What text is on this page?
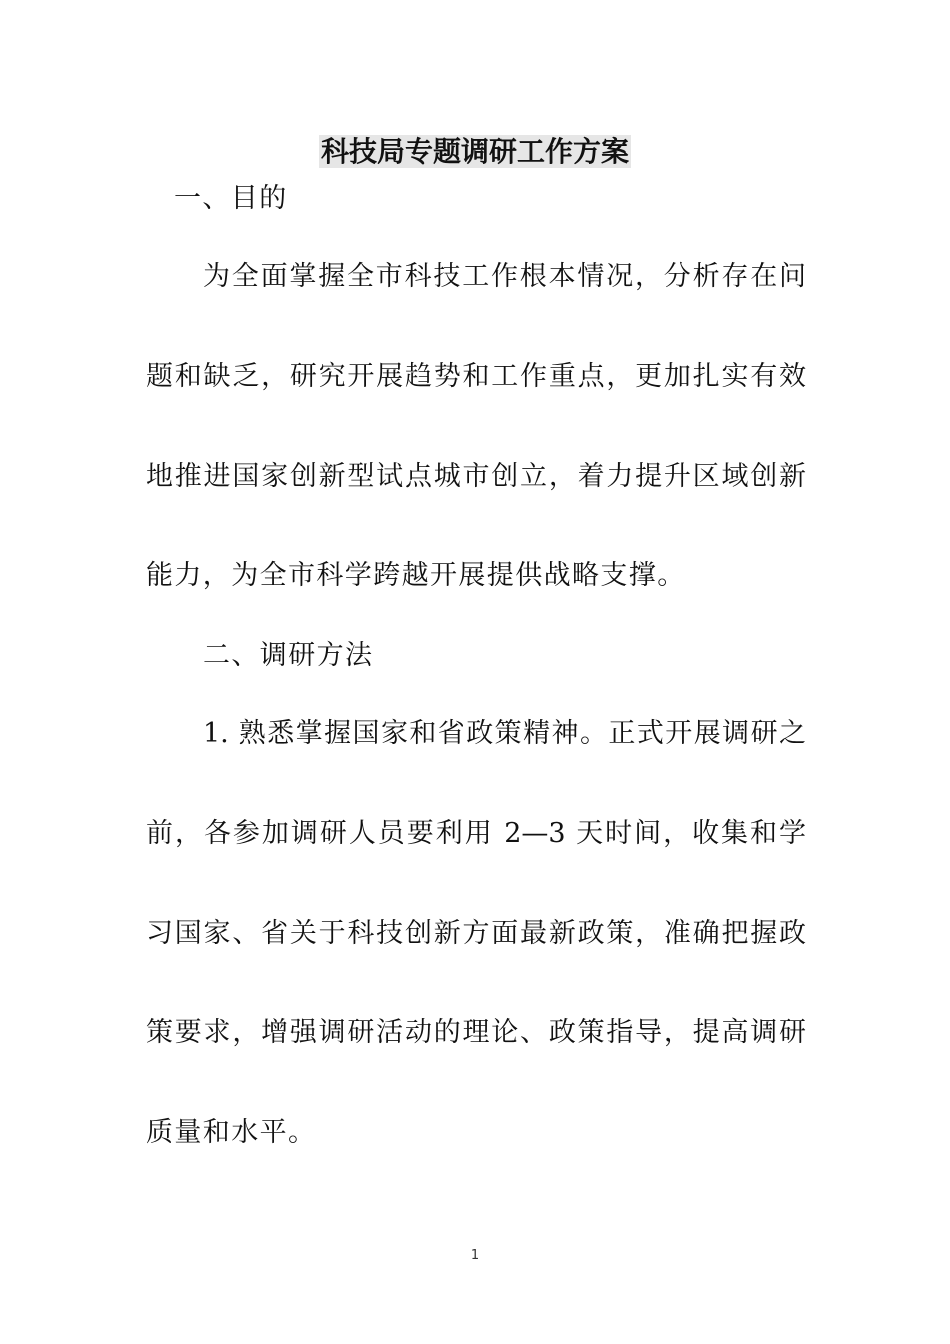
科技局专题调研工作方案
一、目的
为全面掌握全市科技工作根本情况，分析存在问
题和缺乏，研究开展趋势和工作重点，更加扎实有效
地推进国家创新型试点城市创立，着力提升区域创新
能力，为全市科学跨越开展提供战略支撑。
二、调研方法
1. 熟悉掌握国家和省政策精神。正式开展调研之
前，各参加调研人员要利用 2—3 天时间，收集和学
习国家、省关于科技创新方面最新政策，准确把握政
策要求，增强调研活动的理论、政策指导，提高调研
质量和水平。
1
